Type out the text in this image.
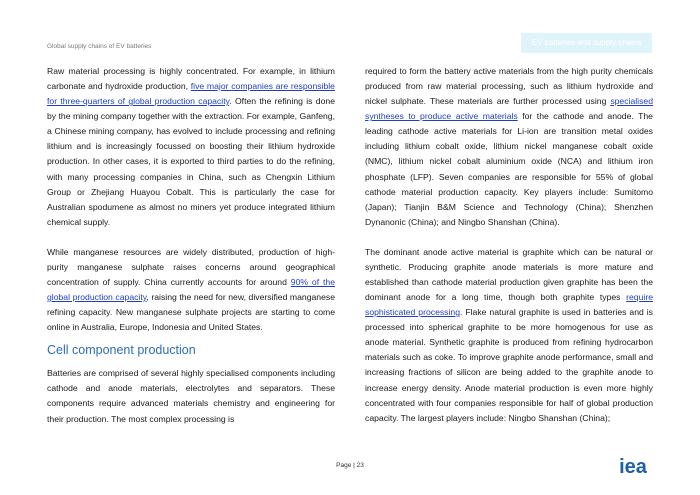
Global supply chains of EV batteries	EV batteries and supply chains

Raw material processing is highly concentrated. For example, in lithium carbonate and hydroxide production, five major companies are responsible for three-quarters of global production capacity. Often the refining is done by the mining company together with the extraction. For example, Ganfeng, a Chinese mining company, has evolved to include processing and refining lithium and is increasingly focussed on boosting their lithium hydroxide production. In other cases, it is exported to third parties to do the refining, with many processing companies in China, such as Chengxin Lithium Group or Zhejiang Huayou Cobalt. This is particularly the case for Australian spodumene as almost no miners yet produce integrated lithium chemical supply.

While manganese resources are widely distributed, production of high-purity manganese sulphate raises concerns around geographical concentration of supply. China currently accounts for around 90% of the global production capacity, raising the need for new, diversified manganese refining capacity. New manganese sulphate projects are starting to come online in Australia, Europe, Indonesia and United States.

Cell component production

Batteries are comprised of several highly specialised components including cathode and anode materials, electrolytes and separators. These components require advanced materials chemistry and engineering for their production. The most complex processing is

required to form the battery active materials from the high purity chemicals produced from raw material processing, such as lithium hydroxide and nickel sulphate. These materials are further processed using specialised syntheses to produce active materials for the cathode and anode. The leading cathode active materials for Li-ion are transition metal oxides including lithium cobalt oxide, lithium nickel manganese cobalt oxide (NMC), lithium nickel cobalt aluminium oxide (NCA) and lithium iron phosphate (LFP). Seven companies are responsible for 55% of global cathode material production capacity. Key players include: Sumitomo (Japan); Tianjin B&M Science and Technology (China); Shenzhen Dynanonic (China); and Ningbo Shanshan (China).

The dominant anode active material is graphite which can be natural or synthetic. Producing graphite anode materials is more mature and established than cathode material production given graphite has been the dominant anode for a long time, though both graphite types require sophisticated processing. Flake natural graphite is used in batteries and is processed into spherical graphite to be more homogenous for use as anode material. Synthetic graphite is produced from refining hydrocarbon materials such as coke. To improve graphite anode performance, small and increasing fractions of silicon are being added to the graphite anode to increase energy density. Anode material production is even more highly concentrated with four companies responsible for half of global production capacity. The largest players include: Ningbo Shanshan (China);

Page | 23	iea
